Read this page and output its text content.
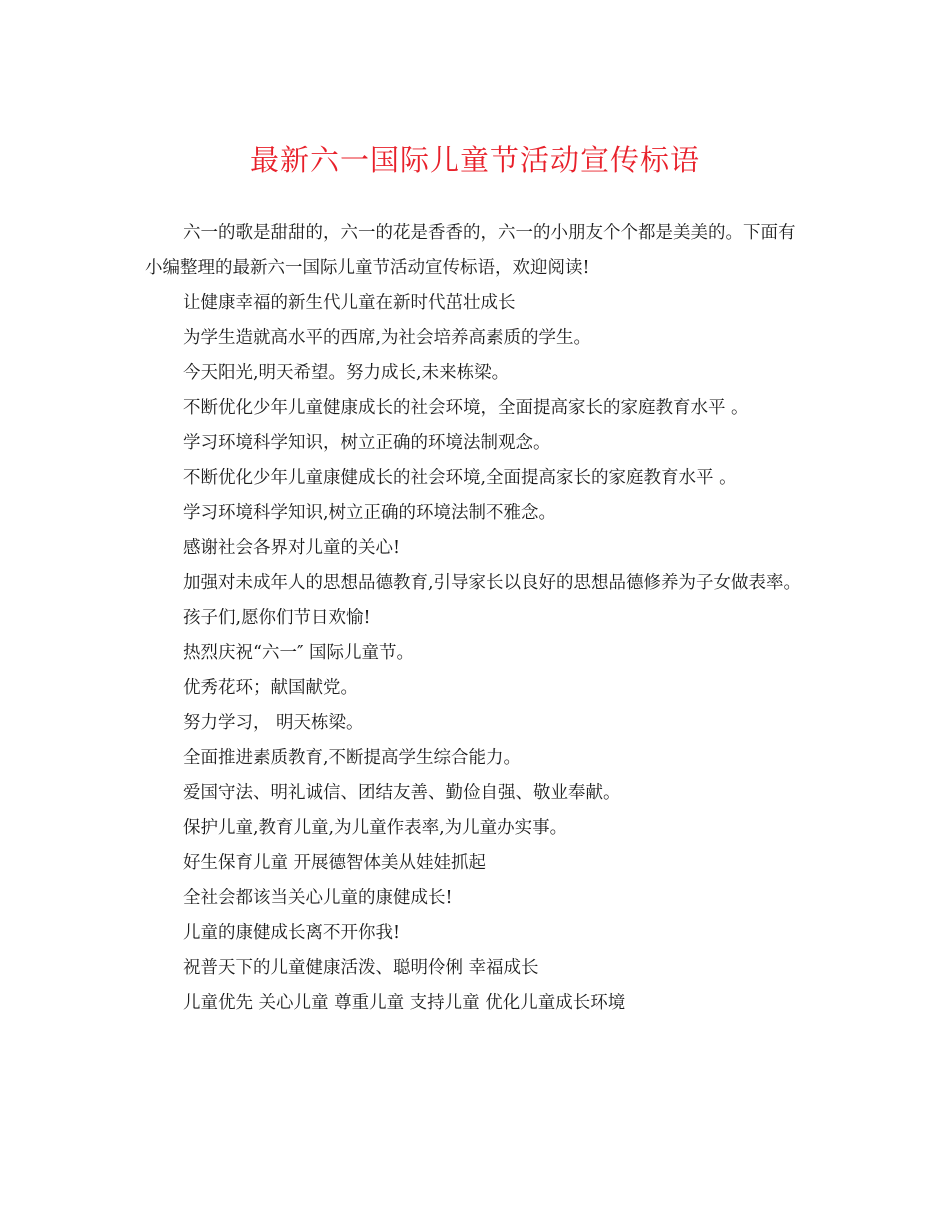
最新六一国际儿童节活动宣传标语

六一的歌是甜甜的，六一的花是香香的，六一的小朋友个个都是美美的。下面有小编整理的最新六一国际儿童节活动宣传标语，欢迎阅读!

让健康幸福的新生代儿童在新时代茁壮成长

为学生造就高水平的西席,为社会培养高素质的学生。

今天阳光,明天希望。努力成长,未来栋梁。

不断优化少年儿童健康成长的社会环境，全面提高家长的家庭教育水平 。

学习环境科学知识，树立正确的环境法制观念。

不断优化少年儿童康健成长的社会环境,全面提高家长的家庭教育水平 。

学习环境科学知识,树立正确的环境法制不雅念。

感谢社会各界对儿童的关心!

加强对未成年人的思想品德教育,引导家长以良好的思想品德修养为子女做表率。

孩子们,愿你们节日欢愉!

热烈庆祝“六一″ 国际儿童节。

优秀花环；献国献党。

努力学习， 明天栋梁。

全面推进素质教育,不断提高学生综合能力。

爱国守法、明礼诚信、团结友善、勤俭自强、敬业奉献。

保护儿童,教育儿童,为儿童作表率,为儿童办实事。

好生保育儿童 开展德智体美从娃娃抓起

全社会都该当关心儿童的康健成长!

儿童的康健成长离不开你我!

祝普天下的儿童健康活泼、聪明伶俐 幸福成长

儿童优先 关心儿童 尊重儿童 支持儿童 优化儿童成长环境
